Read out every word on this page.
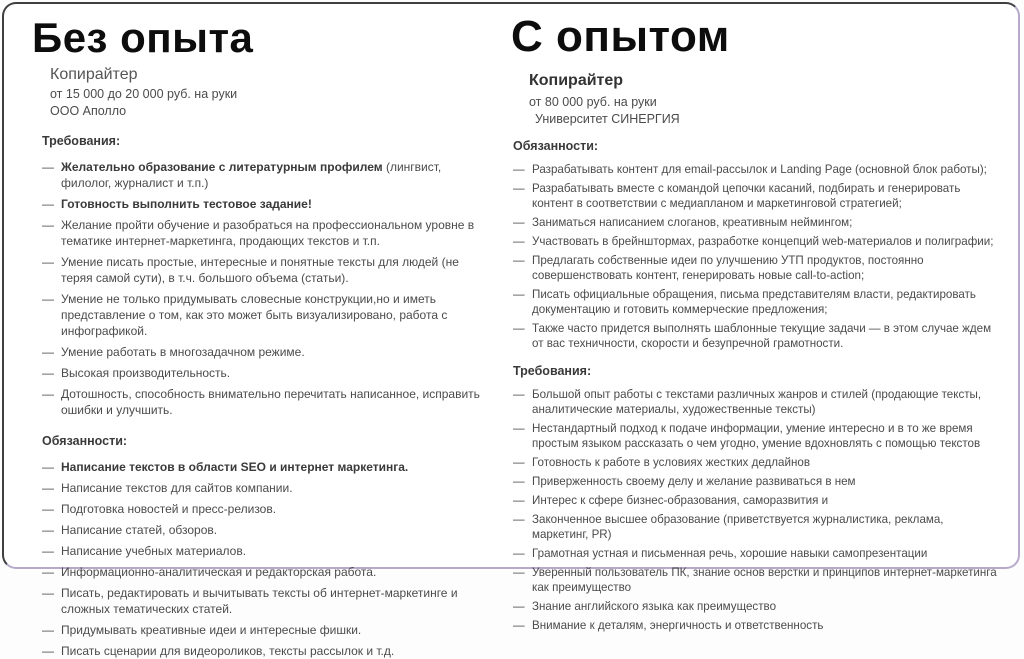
Без опыта
Копирайтер
от 15 000 до 20 000 руб. на руки
ООО Аполло
Требования:
— Желательно образование с литературным профилем (лингвист, филолог, журналист и т.п.)
— Готовность выполнить тестовое задание!
— Желание пройти обучение и разобраться на профессиональном уровне в тематике интернет-маркетинга, продающих текстов и т.п.
— Умение писать простые, интересные и понятные тексты для людей (не теряя самой сути), в т.ч. большого объема (статьи).
— Умение не только придумывать словесные конструкции,но и иметь представление о том, как это может быть визуализировано, работа с инфографикой.
— Умение работать в многозадачном режиме.
— Высокая производительность.
— Дотошность, способность внимательно перечитать написанное, исправить ошибки и улучшить.
Обязанности:
— Написание текстов в области SEO и интернет маркетинга.
— Написание текстов для сайтов компании.
— Подготовка новостей и пресс-релизов.
— Написание статей, обзоров.
— Написание учебных материалов.
— Информационно-аналитическая и редакторская работа.
— Писать, редактировать и вычитывать тексты об интернет-маркетинге и сложных тематических статей.
— Придумывать креативные идеи и интересные фишки.
— Писать сценарии для видеороликов, тексты рассылок и т.д.
С опытом
Копирайтер
от 80 000 руб. на руки
Университет СИНЕРГИЯ
Обязанности:
— Разрабатывать контент для email-рассылок и Landing Page (основной блок работы);
— Разрабатывать вместе с командой цепочки касаний, подбирать и генерировать контент в соответствии с медиапланом и маркетинговой стратегией;
— Заниматься написанием слоганов, креативным неймингом;
— Участвовать в брейнштормах, разработке концепций web-материалов и полиграфии;
— Предлагать собственные идеи по улучшению УТП продуктов, постоянно совершенствовать контент, генерировать новые call-to-action;
— Писать официальные обращения, письма представителям власти, редактировать документацию и готовить коммерческие предложения;
— Также часто придется выполнять шаблонные текущие задачи — в этом случае ждем от вас техничности, скорости и безупречной грамотности.
Требования:
— Большой опыт работы с текстами различных жанров и стилей (продающие тексты, аналитические материалы, художественные тексты)
— Нестандартный подход к подаче информации, умение интересно и в то же время простым языком рассказать о чем угодно, умение вдохновлять с помощью текстов
— Готовность к работе в условиях жестких дедлайнов
— Приверженность своему делу и желание развиваться в нем
— Интерес к сфере бизнес-образования, саморазвития и
— Законченное высшее образование (приветствуется журналистика, реклама, маркетинг, PR)
— Грамотная устная и письменная речь, хорошие навыки самопрезентации
— Уверенный пользователь ПК, знание основ верстки и принципов интернет-маркетинга как преимущество
— Знание английского языка как преимущество
— Внимание к деталям, энергичность и ответственность
